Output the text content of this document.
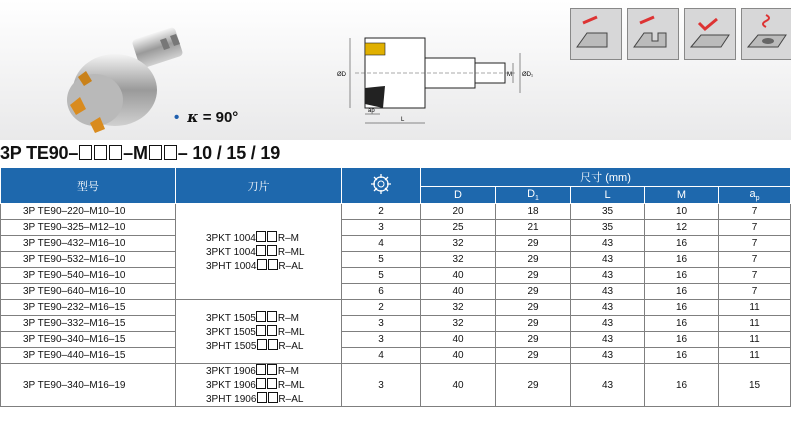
• κ = 90°
ØD	ØD₁
M
ap
L
3P TE90–	–M – 10 / 15 / 19
型号	刀片		尺寸 (mm)				
			D	$D_1$	L	M	$a_p$
3P TE90–220–M10–10	3PKT 1004 R–M
3PKT 1004 R–ML
3PHT 1004 R–AL	2	20	18	35	10	7
3P TE90–325–M12–10		3	25	21	35	12	7
3P TE90–432–M16–10		4	32	29	43	16	7
3P TE90–532–M16–10		5	32	29	43	16	7
3P TE90–540–M16–10		5	40	29	43	16	7
3P TE90–640–M16–10		6	40	29	43	16	7
3P TE90–232–M16–15	3PKT 1505 R–M
3PKT 1505 R–ML
3PHT 1505 R–AL	2	32	29	43	16	11
3P TE90–332–M16–15		3	32	29	43	16	11
3P TE90–340–M16–15		3	40	29	43	16	11
3P TE90–440–M16–15		4	40	29	43	16	11
3P TE90–340–M16–19	3PKT 1906 R–M
3PKT 1906 R–ML
3PHT 1906 R–AL	3	40	29	43	16	15
